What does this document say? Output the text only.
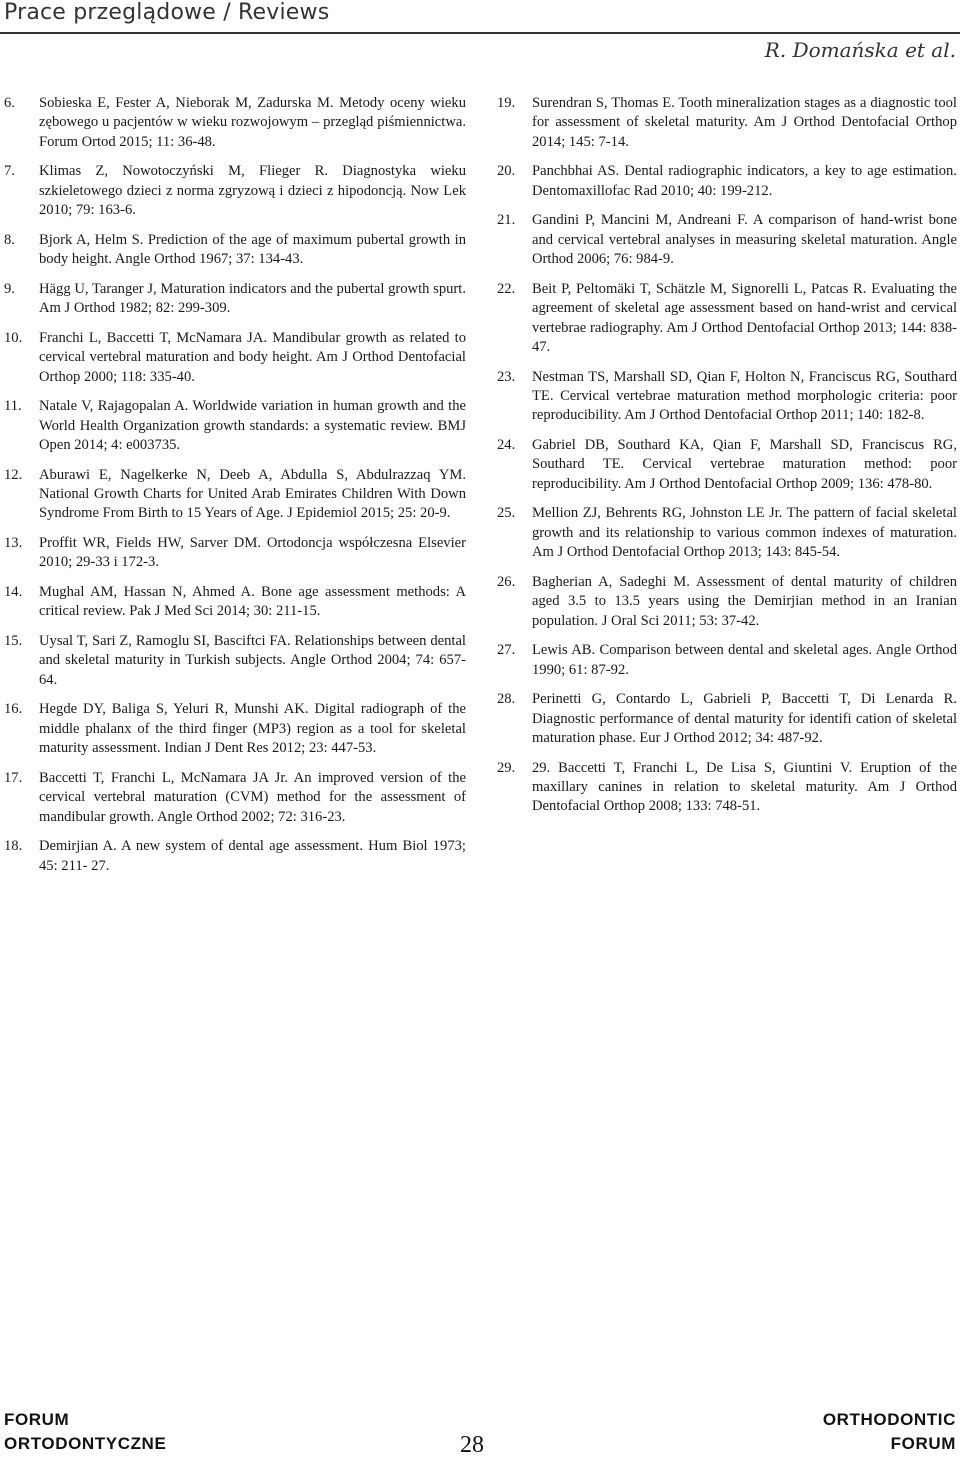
Prace przeglądowe / Reviews
R. Domańska et al.
6.	Sobieska E, Fester A, Nieborak M, Zadurska M. Metody oceny wieku zębowego u pacjentów w wieku rozwojowym – przegląd piśmiennictwa. Forum Ortod 2015; 11: 36-48.
7.	Klimas Z, Nowotoczyński M, Flieger R. Diagnostyka wieku szkieletowego dzieci z norma zgryzową i dzieci z hipodoncją. Now Lek 2010; 79: 163-6.
8.	Bjork A, Helm S. Prediction of the age of maximum pubertal growth in body height. Angle Orthod 1967; 37: 134-43.
9.	Hägg U, Taranger J, Maturation indicators and the pubertal growth spurt. Am J Orthod 1982; 82: 299-309.
10.	Franchi L, Baccetti T, McNamara JA. Mandibular growth as related to cervical vertebral maturation and body height. Am J Orthod Dentofacial Orthop 2000; 118: 335-40.
11.	Natale V, Rajagopalan A. Worldwide variation in human growth and the World Health Organization growth standards: a systematic review. BMJ Open 2014; 4: e003735.
12.	Aburawi E, Nagelkerke N, Deeb A, Abdulla S, Abdulrazzaq YM. National Growth Charts for United Arab Emirates Children With Down Syndrome From Birth to 15 Years of Age. J Epidemiol 2015; 25: 20-9.
13.	Proffit WR, Fields HW, Sarver DM. Ortodoncja współczesna Elsevier 2010; 29-33 i 172-3.
14.	Mughal AM, Hassan N, Ahmed A. Bone age assessment methods: A critical review. Pak J Med Sci 2014; 30: 211-15.
15.	Uysal T, Sari Z, Ramoglu SI, Basciftci FA. Relationships between dental and skeletal maturity in Turkish subjects. Angle Orthod 2004; 74: 657-64.
16.	Hegde DY, Baliga S, Yeluri R, Munshi AK. Digital radiograph of the middle phalanx of the third finger (MP3) region as a tool for skeletal maturity assessment. Indian J Dent Res 2012; 23: 447-53.
17.	Baccetti T, Franchi L, McNamara JA Jr. An improved version of the cervical vertebral maturation (CVM) method for the assessment of mandibular growth. Angle Orthod 2002; 72: 316-23.
18.	Demirjian A. A new system of dental age assessment. Hum Biol 1973; 45: 211- 27.
19.	Surendran S, Thomas E. Tooth mineralization stages as a diagnostic tool for assessment of skeletal maturity. Am J Orthod Dentofacial Orthop 2014; 145: 7-14.
20.	Panchbhai AS. Dental radiographic indicators, a key to age estimation. Dentomaxillofac Rad 2010; 40: 199-212.
21.	Gandini P, Mancini M, Andreani F. A comparison of hand-wrist bone and cervical vertebral analyses in measuring skeletal maturation. Angle Orthod 2006; 76: 984-9.
22.	Beit P, Peltomäki T, Schätzle M, Signorelli L, Patcas R. Evaluating the agreement of skeletal age assessment based on hand-wrist and cervical vertebrae radiography. Am J Orthod Dentofacial Orthop 2013; 144: 838-47.
23.	Nestman TS, Marshall SD, Qian F, Holton N, Franciscus RG, Southard TE. Cervical vertebrae maturation method morphologic criteria: poor reproducibility. Am J Orthod Dentofacial Orthop 2011; 140: 182-8.
24.	Gabriel DB, Southard KA, Qian F, Marshall SD, Franciscus RG, Southard TE. Cervical vertebrae maturation method: poor reproducibility. Am J Orthod Dentofacial Orthop 2009; 136: 478-80.
25.	Mellion ZJ, Behrents RG, Johnston LE Jr. The pattern of facial skeletal growth and its relationship to various common indexes of maturation. Am J Orthod Dentofacial Orthop 2013; 143: 845-54.
26.	Bagherian A, Sadeghi M. Assessment of dental maturity of children aged 3.5 to 13.5 years using the Demirjian method in an Iranian population. J Oral Sci 2011; 53: 37-42.
27.	Lewis AB. Comparison between dental and skeletal ages. Angle Orthod 1990; 61: 87-92.
28.	Perinetti G, Contardo L, Gabrieli P, Baccetti T, Di Lenarda R. Diagnostic performance of dental maturity for identifi cation of skeletal maturation phase. Eur J Orthod 2012; 34: 487-92.
29.	29. Baccetti T, Franchi L, De Lisa S, Giuntini V. Eruption of the maxillary canines in relation to skeletal maturity. Am J Orthod Dentofacial Orthop 2008; 133: 748-51.
FORUM
ORTODONTYCZNE	28
ORTHODONTIC
FORUM
